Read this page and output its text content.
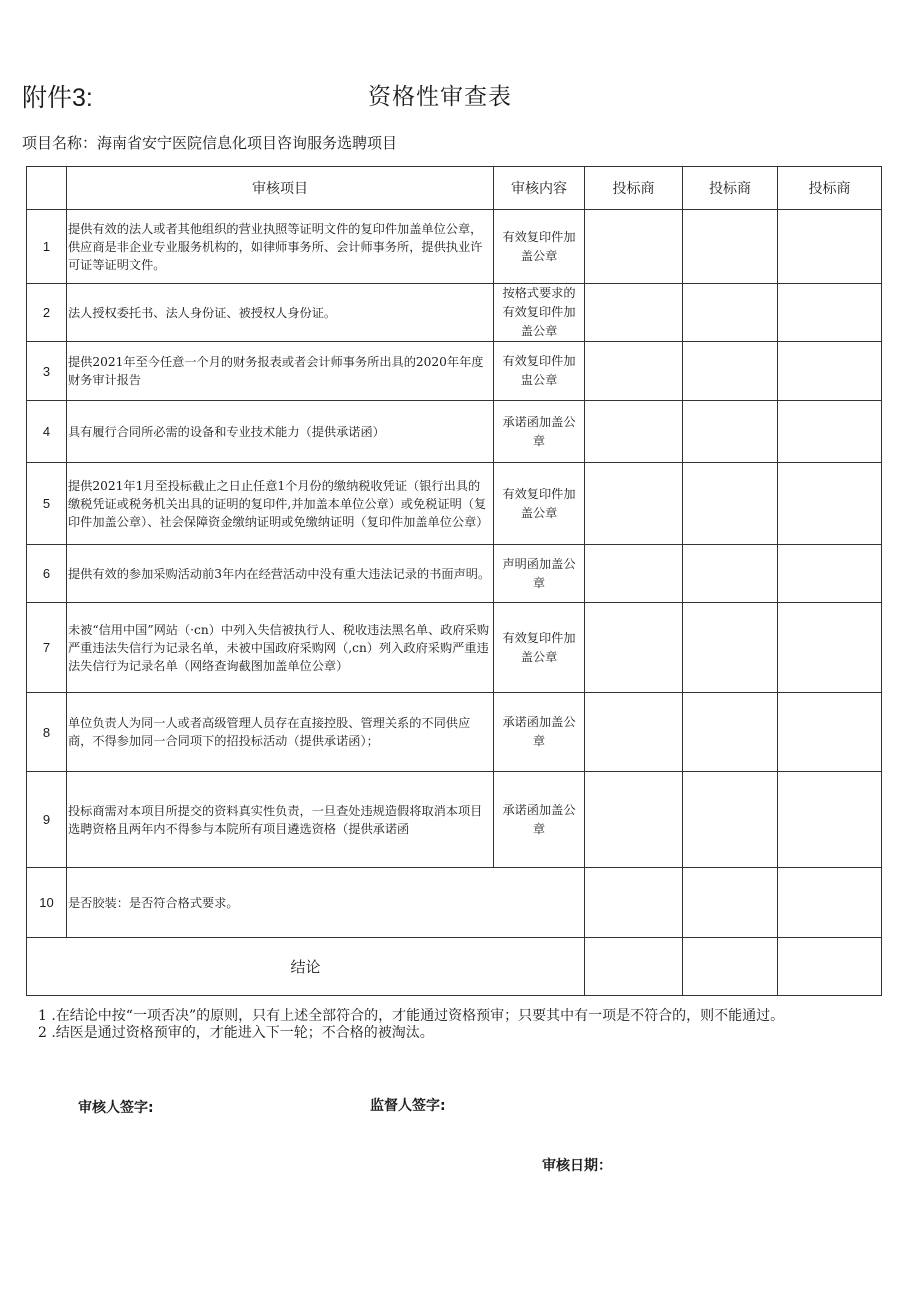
附件3:	资格性审查表
项目名称：海南省安宁医院信息化项目咨询服务选聘项目
	审核项目	审核内容	投标商	投标商	投标商
1	提供有效的法人或者其他组织的营业执照等证明文件的复印件加盖单位公章，供应商是非企业专业服务机构的，如律师事务所、会计师事务所，提供执业许可证等证明文件。	有效复印件加盖公章			
2	法人授权委托书、法人身份证、被授权人身份证。	按格式要求的有效复印件加盖公章			
3	提供2021年至今任意一个月的财务报表或者会计师事务所出具的2020年年度财务审计报告	有效复印件加盅公章			
4	具有履行合同所必需的设备和专业技术能力（提供承诺函）	承诺函加盖公章			
5	提供2021年1月至投标截止之日止任意1个月份的缴纳税收凭证（银行出具的缴税凭证或税务机关出具的证明的复印件,并加盖本单位公章）或免税证明（复印件加盖公章）、社会保障资金缴纳证明或免缴纳证明（复印件加盖单位公章）	有效复印件加盖公章			
6	提供有效的参加采购活动前3年内在经营活动中没有重大违法记录的书面声明。	声明函加盖公章			
7	未被“信用中国”网站（·cn）中列入失信被执行人、税收违法黑名单、政府采购严重违法失信行为记录名单，未被中国政府采购网（,cn）列入政府采购严重违法失信行为记录名单（网络查询截图加盖单位公章）	有效复印件加盖公章			
8	单位负责人为同一人或者高级管理人员存在直接控股、管理关系的不同供应商，不得参加同一合同项下的招投标活动（提供承诺函）；	承诺函加盖公章			
9	投标商需对本项目所提交的资料真实性负责，一旦查处违规造假将取消本项目选聘资格且两年内不得参与本院所有项目遴选资格（提供承诺函	承诺函加盖公章			
10	是否胶装：是否符合格式要求。				
结论					

1 .在结论中按“一项否决”的原则，只有上述全部符合的，才能通过资格预审；只要其中有一项是不符合的，则不能通过。

2 .结医是通过资格预审的，才能进入下一轮；不合格的被淘汰。

审核人签字:	监督人签字:
审核日期：
